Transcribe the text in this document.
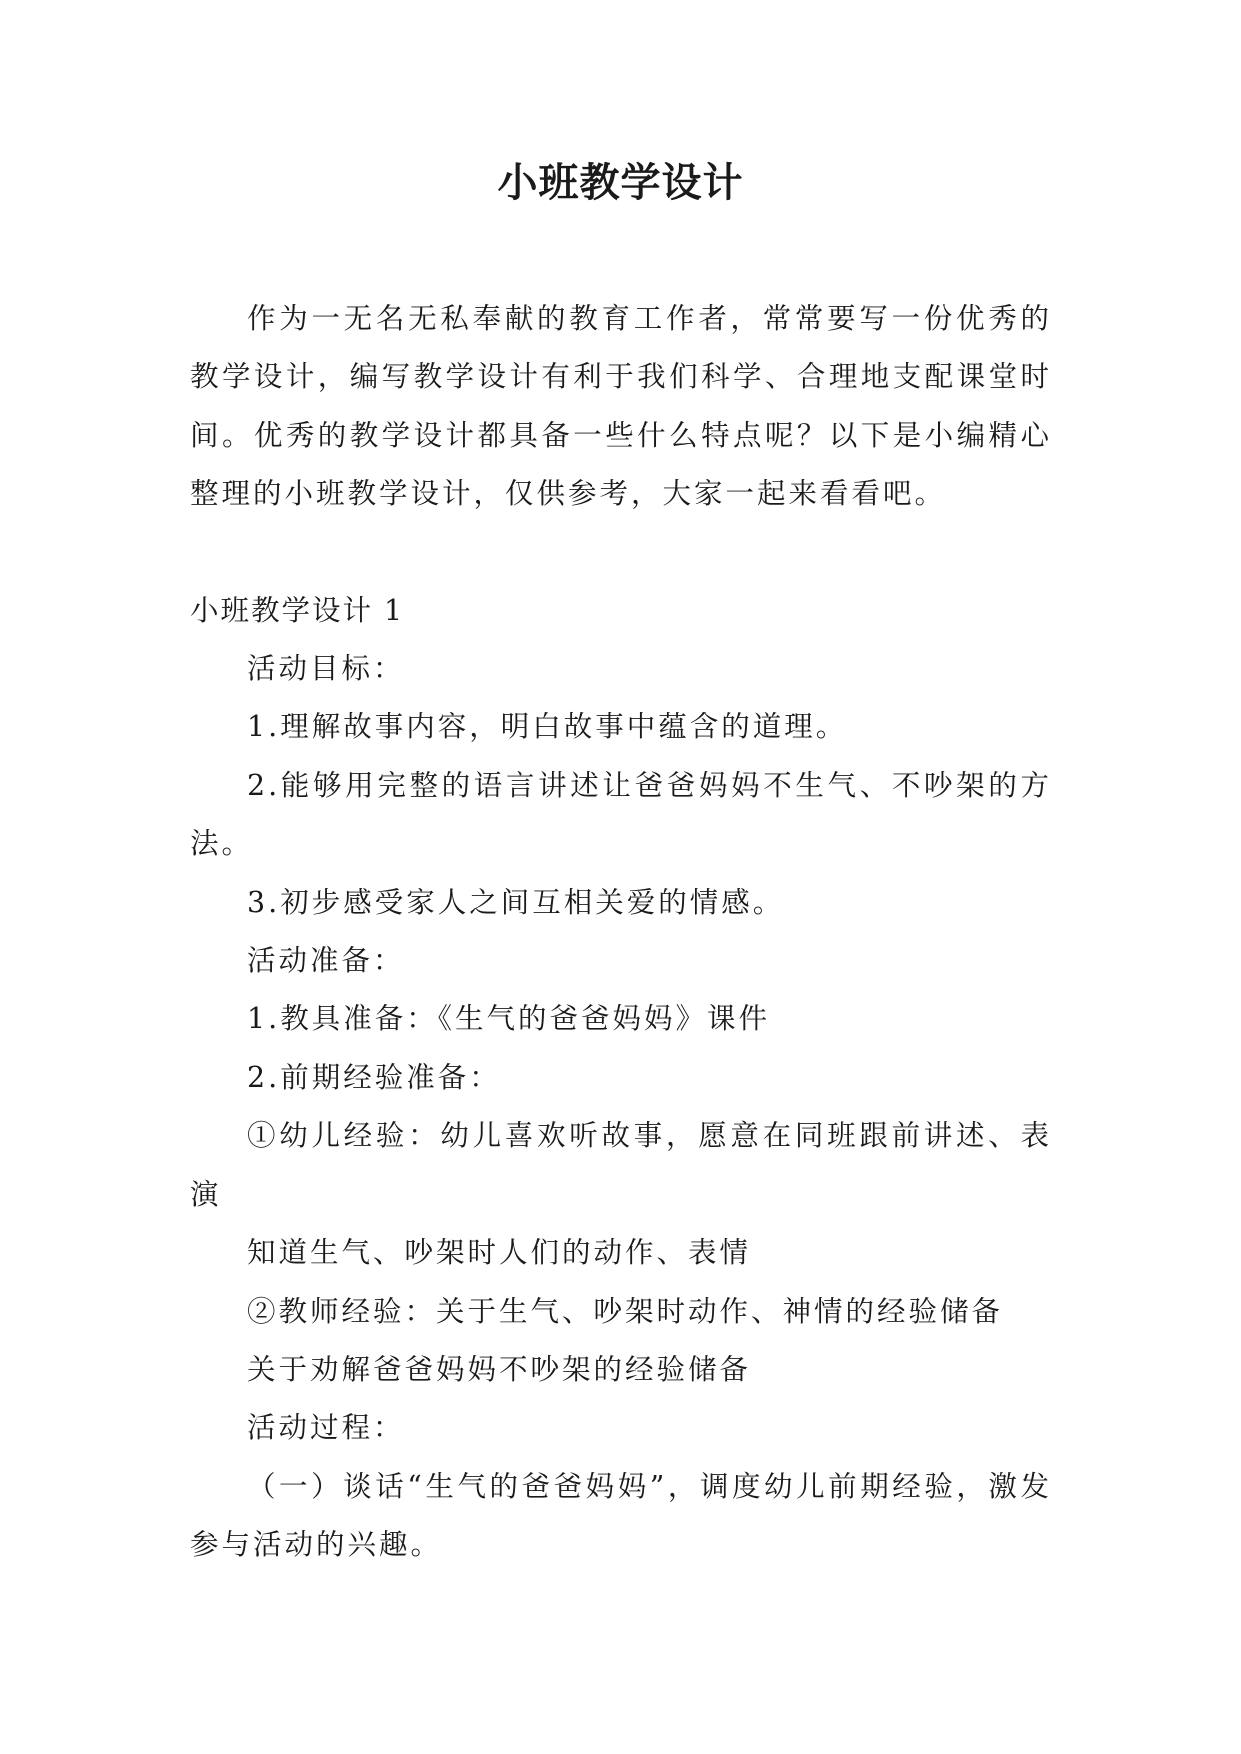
小班教学设计

作为一无名无私奉献的教育工作者，常常要写一份优秀的教学设计，编写教学设计有利于我们科学、合理地支配课堂时间。优秀的教学设计都具备一些什么特点呢？以下是小编精心整理的小班教学设计，仅供参考，大家一起来看看吧。

小班教学设计 1

活动目标：

1.理解故事内容，明白故事中蕴含的道理。

2.能够用完整的语言讲述让爸爸妈妈不生气、不吵架的方法。

3.初步感受家人之间互相关爱的情感。

活动准备：

1.教具准备：《生气的爸爸妈妈》课件

2.前期经验准备：

①幼儿经验：幼儿喜欢听故事，愿意在同班跟前讲述、表演

知道生气、吵架时人们的动作、表情

②教师经验：关于生气、吵架时动作、神情的经验储备

关于劝解爸爸妈妈不吵架的经验储备

活动过程：

（一）谈话“生气的爸爸妈妈”，调度幼儿前期经验，激发参与活动的兴趣。
